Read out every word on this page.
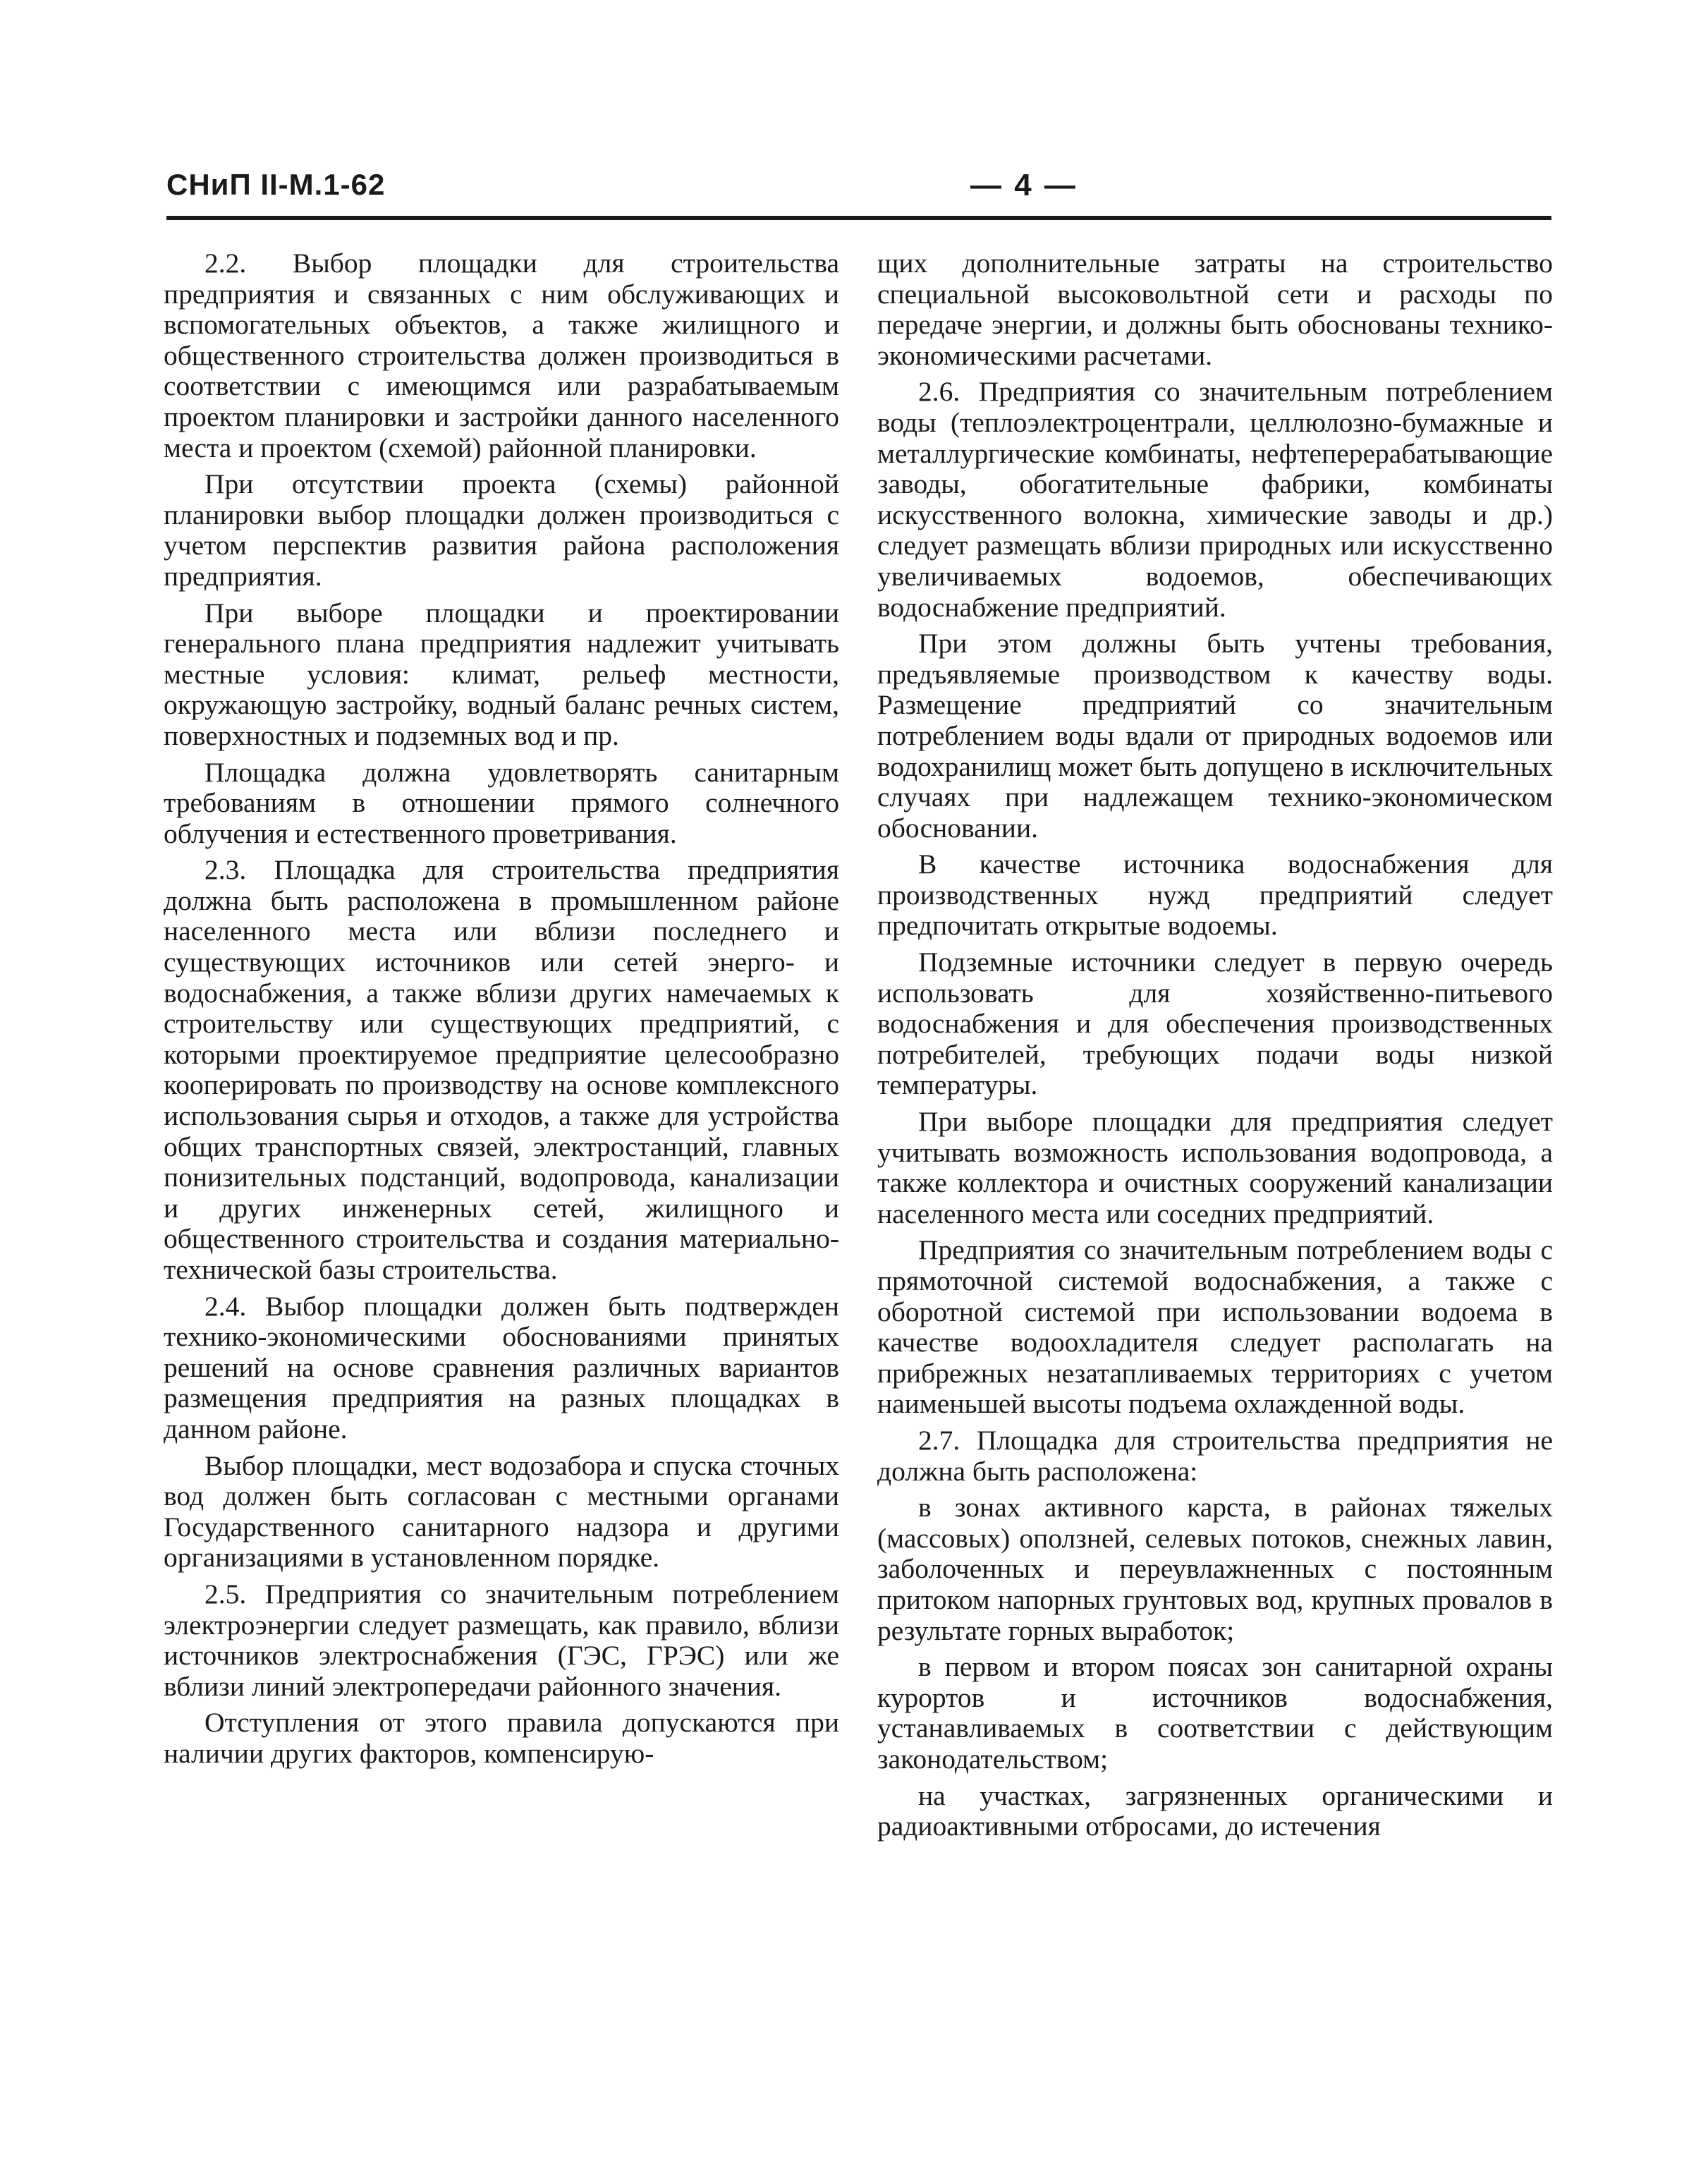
СНиП II-М.1-62	— 4 —

2.2. Выбор площадки для строительства предприятия и связанных с ним обслуживающих и вспомогательных объектов, а также жилищного и общественного строительства должен производиться в соответствии с имеющимся или разрабатываемым проектом планировки и застройки данного населенного места и проектом (схемой) районной планировки.

При отсутствии проекта (схемы) районной планировки выбор площадки должен производиться с учетом перспектив развития района расположения предприятия.

При выборе площадки и проектировании генерального плана предприятия надлежит учитывать местные условия: климат, рельеф местности, окружающую застройку, водный баланс речных систем, поверхностных и подземных вод и пр.

Площадка должна удовлетворять санитарным требованиям в отношении прямого солнечного облучения и естественного проветривания.

2.3. Площадка для строительства предприятия должна быть расположена в промышленном районе населенного места или вблизи последнего и существующих источников или сетей энерго- и водоснабжения, а также вблизи других намечаемых к строительству или существующих предприятий, с которыми проектируемое предприятие целесообразно кооперировать по производству на основе комплексного использования сырья и отходов, а также для устройства общих транспортных связей, электростанций, главных понизительных подстанций, водопровода, канализации и других инженерных сетей, жилищного и общественного строительства и создания материально-технической базы строительства.

2.4. Выбор площадки должен быть подтвержден технико-экономическими обоснованиями принятых решений на основе сравнения различных вариантов размещения предприятия на разных площадках в данном районе.

Выбор площадки, мест водозабора и спуска сточных вод должен быть согласован с местными органами Государственного санитарного надзора и другими организациями в установленном порядке.

2.5. Предприятия со значительным потреблением электроэнергии следует размещать, как правило, вблизи источников электроснабжения (ГЭС, ГРЭС) или же вблизи линий электропередачи районного значения.

Отступления от этого правила допускаются при наличии других факторов, компенсирую-

щих дополнительные затраты на строительство специальной высоковольтной сети и расходы по передаче энергии, и должны быть обоснованы технико-экономическими расчетами.

2.6. Предприятия со значительным потреблением воды (теплоэлектроцентрали, целлюлозно-бумажные и металлургические комбинаты, нефтеперерабатывающие заводы, обогатительные фабрики, комбинаты искусственного волокна, химические заводы и др.) следует размещать вблизи природных или искусственно увеличиваемых водоемов, обеспечивающих водоснабжение предприятий.

При этом должны быть учтены требования, предъявляемые производством к качеству воды. Размещение предприятий со значительным потреблением воды вдали от природных водоемов или водохранилищ может быть допущено в исключительных случаях при надлежащем технико-экономическом обосновании.

В качестве источника водоснабжения для производственных нужд предприятий следует предпочитать открытые водоемы.

Подземные источники следует в первую очередь использовать для хозяйственно-питьевого водоснабжения и для обеспечения производственных потребителей, требующих подачи воды низкой температуры.

При выборе площадки для предприятия следует учитывать возможность использования водопровода, а также коллектора и очистных сооружений канализации населенного места или соседних предприятий.

Предприятия со значительным потреблением воды с прямоточной системой водоснабжения, а также с оборотной системой при использовании водоема в качестве водоохладителя следует располагать на прибрежных незатапливаемых территориях с учетом наименьшей высоты подъема охлажденной воды.

2.7. Площадка для строительства предприятия не должна быть расположена:

в зонах активного карста, в районах тяжелых (массовых) оползней, селевых потоков, снежных лавин, заболоченных и переувлажненных с постоянным притоком напорных грунтовых вод, крупных провалов в результате горных выработок;

в первом и втором поясах зон санитарной охраны курортов и источников водоснабжения, устанавливаемых в соответствии с действующим законодательством;

на участках, загрязненных органическими и радиоактивными отбросами, до истечения
